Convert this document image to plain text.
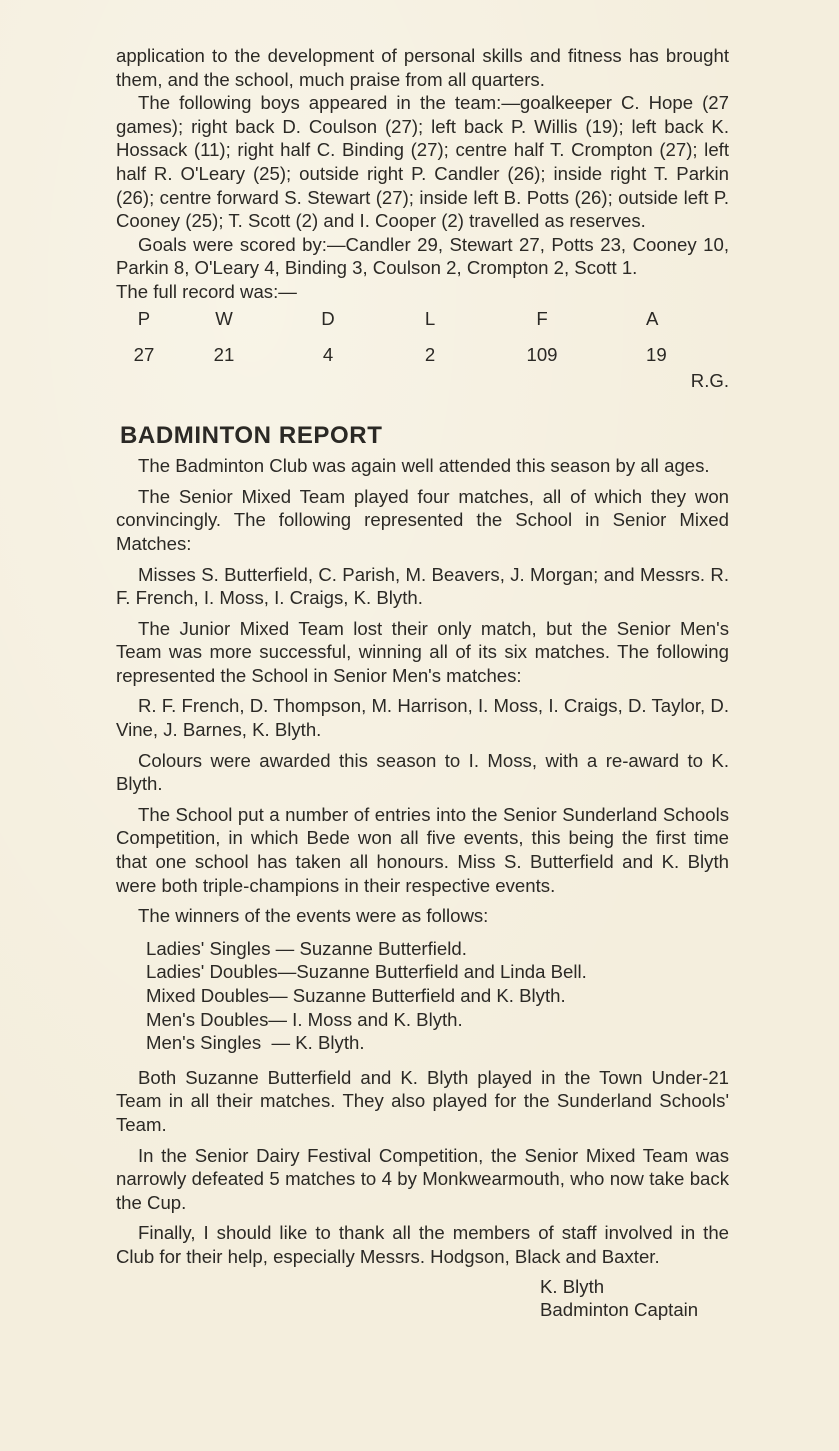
application to the development of personal skills and fitness has brought them, and the school, much praise from all quarters.

The following boys appeared in the team:—goalkeeper C. Hope (27 games); right back D. Coulson (27); left back P. Willis (19); left back K. Hossack (11); right half C. Binding (27); centre half T. Crompton (27); left half R. O'Leary (25); outside right P. Candler (26); inside right T. Parkin (26); centre forward S. Stewart (27); inside left B. Potts (26); outside left P. Cooney (25); T. Scott (2) and I. Cooper (2) travelled as reserves.

Goals were scored by:—Candler 29, Stewart 27, Potts 23, Cooney 10, Parkin 8, O'Leary 4, Binding 3, Coulson 2, Crompton 2, Scott 1.

The full record was:—

P	W	D	L	F	A
27	21	4	2	109	19

R.G.

BADMINTON REPORT

The Badminton Club was again well attended this season by all ages.

The Senior Mixed Team played four matches, all of which they won convincingly. The following represented the School in Senior Mixed Matches:

Misses S. Butterfield, C. Parish, M. Beavers, J. Morgan; and Messrs. R. F. French, I. Moss, I. Craigs, K. Blyth.

The Junior Mixed Team lost their only match, but the Senior Men's Team was more successful, winning all of its six matches. The following represented the School in Senior Men's matches:

R. F. French, D. Thompson, M. Harrison, I. Moss, I. Craigs, D. Taylor, D. Vine, J. Barnes, K. Blyth.

Colours were awarded this season to I. Moss, with a re-award to K. Blyth.

The School put a number of entries into the Senior Sunderland Schools Competition, in which Bede won all five events, this being the first time that one school has taken all honours. Miss S. Butterfield and K. Blyth were both triple-champions in their respective events.

The winners of the events were as follows:

Ladies' Singles — Suzanne Butterfield.
Ladies' Doubles — Suzanne Butterfield and Linda Bell.
Mixed Doubles — Suzanne Butterfield and K. Blyth.
Men's Doubles — I. Moss and K. Blyth.
Men's Singles — K. Blyth.

Both Suzanne Butterfield and K. Blyth played in the Town Under-21 Team in all their matches. They also played for the Sunderland Schools' Team.

In the Senior Dairy Festival Competition, the Senior Mixed Team was narrowly defeated 5 matches to 4 by Monkwearmouth, who now take back the Cup.

Finally, I should like to thank all the members of staff involved in the Club for their help, especially Messrs. Hodgson, Black and Baxter.

K. Blyth
Badminton Captain
